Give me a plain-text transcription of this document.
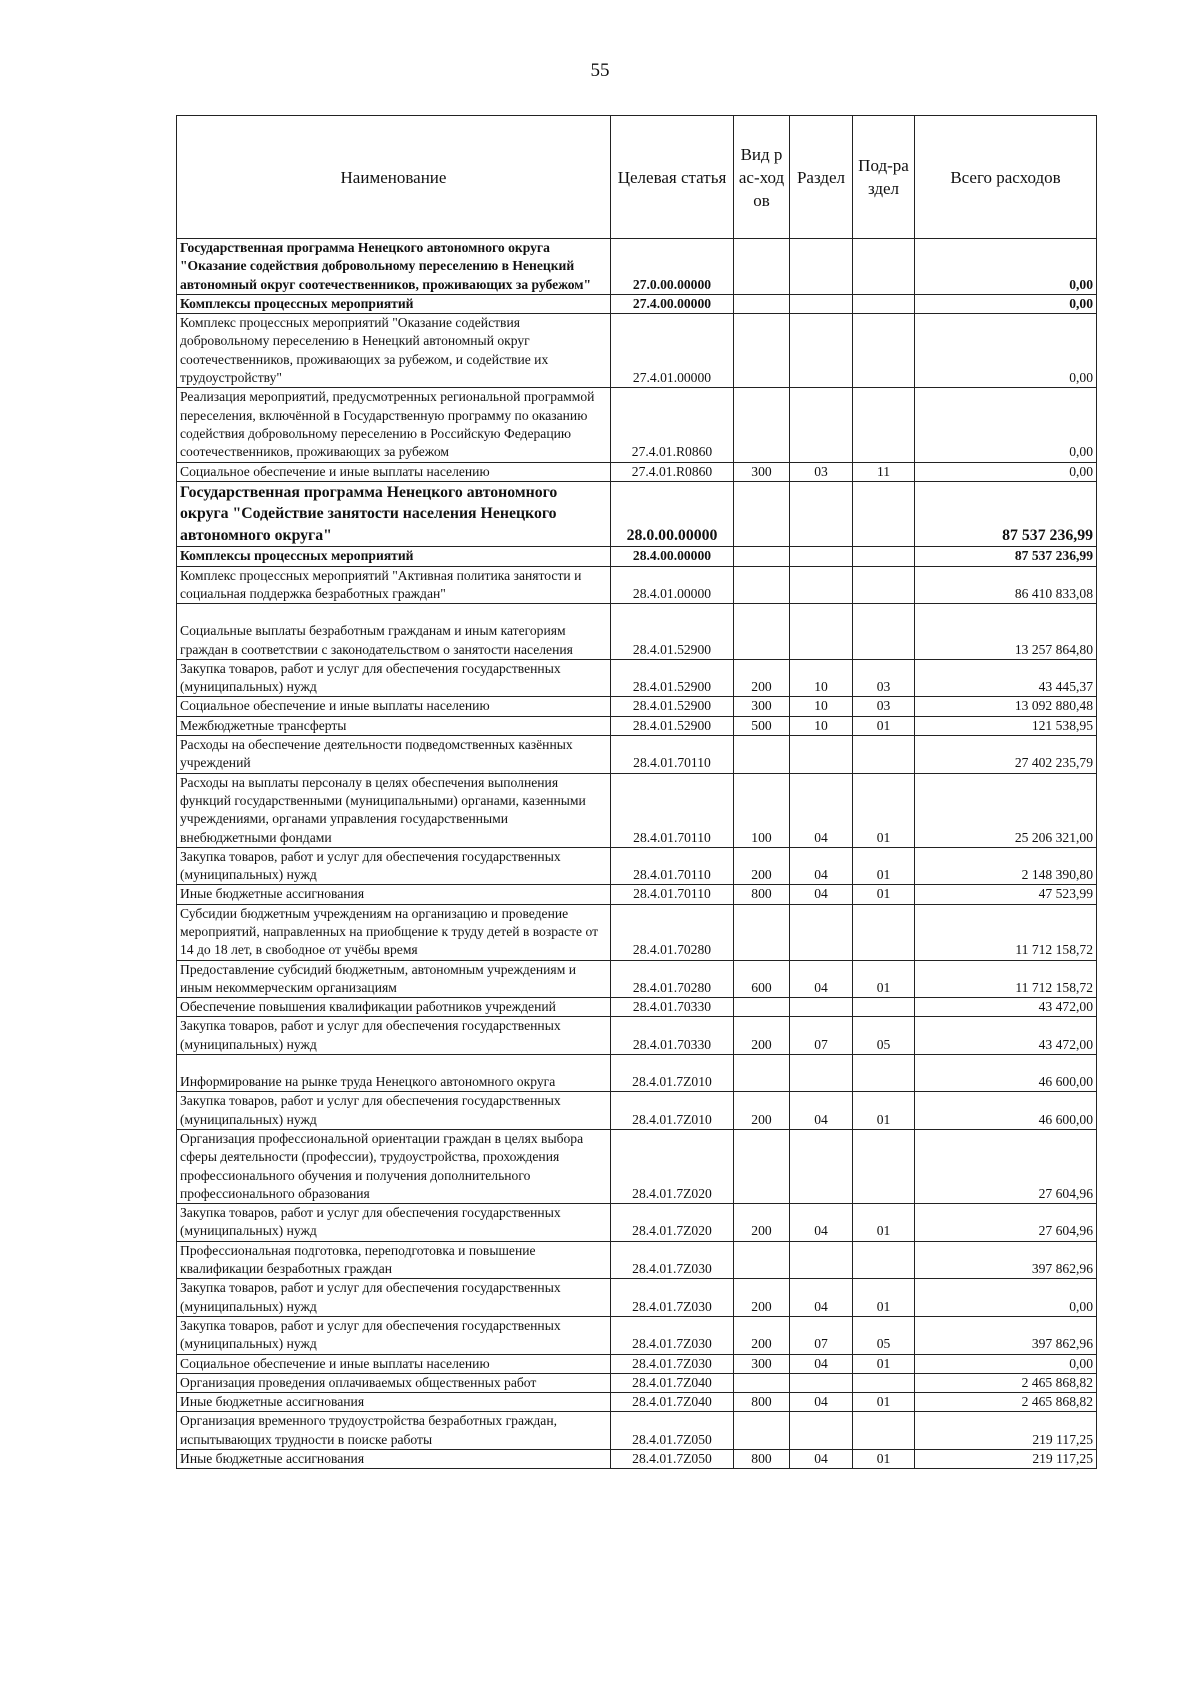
55
Наименование	Целевая статья	Вид рас-ходов	Раздел	Под-раздел	Всего расходов
Государственная программа Ненецкого автономного округа "Оказание содействия добровольному переселению в Ненецкий автономный округ соотечественников, проживающих за рубежом"	27.0.00.00000				0,00
Комплексы процессных мероприятий	27.4.00.00000				0,00
Комплекс процессных мероприятий "Оказание содействия добровольному переселению в Ненецкий автономный округ соотечественников, проживающих за рубежом, и содействие их трудоустройству"	27.4.01.00000				0,00
Реализация мероприятий, предусмотренных региональной программой переселения, включённой в Государственную программу по оказанию содействия добровольному переселению в Российскую Федерацию соотечественников, проживающих за рубежом	27.4.01.R0860				0,00
Социальное обеспечение и иные выплаты населению	27.4.01.R0860	300	03	11	0,00
Государственная программа Ненецкого автономного округа "Содействие занятости населения Ненецкого автономного округа"	28.0.00.00000				87 537 236,99
Комплексы процессных мероприятий	28.4.00.00000				87 537 236,99
Комплекс процессных мероприятий "Активная политика занятости и социальная поддержка безработных граждан"	28.4.01.00000				86 410 833,08
Социальные выплаты безработным гражданам и иным категориям граждан в соответствии с законодательством о занятости населения	28.4.01.52900				13 257 864,80
Закупка товаров, работ и услуг для обеспечения государственных (муниципальных) нужд	28.4.01.52900	200	10	03	43 445,37
Социальное обеспечение и иные выплаты населению	28.4.01.52900	300	10	03	13 092 880,48
Межбюджетные трансферты	28.4.01.52900	500	10	01	121 538,95
Расходы на обеспечение деятельности подведомственных казённых учреждений	28.4.01.70110				27 402 235,79
Расходы на выплаты персоналу в целях обеспечения выполнения функций государственными (муниципальными) органами, казенными учреждениями, органами управления государственными внебюджетными фондами	28.4.01.70110	100	04	01	25 206 321,00
Закупка товаров, работ и услуг для обеспечения государственных (муниципальных) нужд	28.4.01.70110	200	04	01	2 148 390,80
Иные бюджетные ассигнования	28.4.01.70110	800	04	01	47 523,99
Субсидии бюджетным учреждениям на организацию и проведение мероприятий, направленных на приобщение к труду детей в возрасте от 14 до 18 лет, в свободное от учёбы время	28.4.01.70280				11 712 158,72
Предоставление субсидий бюджетным, автономным учреждениям и иным некоммерческим организациям	28.4.01.70280	600	04	01	11 712 158,72
Обеспечение повышения квалификации работников учреждений	28.4.01.70330				43 472,00
Закупка товаров, работ и услуг для обеспечения государственных (муниципальных) нужд	28.4.01.70330	200	07	05	43 472,00
Информирование на рынке труда Ненецкого автономного округа	28.4.01.7Z010				46 600,00
Закупка товаров, работ и услуг для обеспечения государственных (муниципальных) нужд	28.4.01.7Z010	200	04	01	46 600,00
Организация профессиональной ориентации граждан в целях выбора сферы деятельности (профессии), трудоустройства, прохождения профессионального обучения и получения дополнительного профессионального образования	28.4.01.7Z020				27 604,96
Закупка товаров, работ и услуг для обеспечения государственных (муниципальных) нужд	28.4.01.7Z020	200	04	01	27 604,96
Профессиональная подготовка, переподготовка и повышение квалификации безработных граждан	28.4.01.7Z030				397 862,96
Закупка товаров, работ и услуг для обеспечения государственных (муниципальных) нужд	28.4.01.7Z030	200	04	01	0,00
Закупка товаров, работ и услуг для обеспечения государственных (муниципальных) нужд	28.4.01.7Z030	200	07	05	397 862,96
Социальное обеспечение и иные выплаты населению	28.4.01.7Z030	300	04	01	0,00
Организация проведения оплачиваемых общественных работ	28.4.01.7Z040				2 465 868,82
Иные бюджетные ассигнования	28.4.01.7Z040	800	04	01	2 465 868,82
Организация временного трудоустройства безработных граждан, испытывающих трудности в поиске работы	28.4.01.7Z050				219 117,25
Иные бюджетные ассигнования	28.4.01.7Z050	800	04	01	219 117,25
